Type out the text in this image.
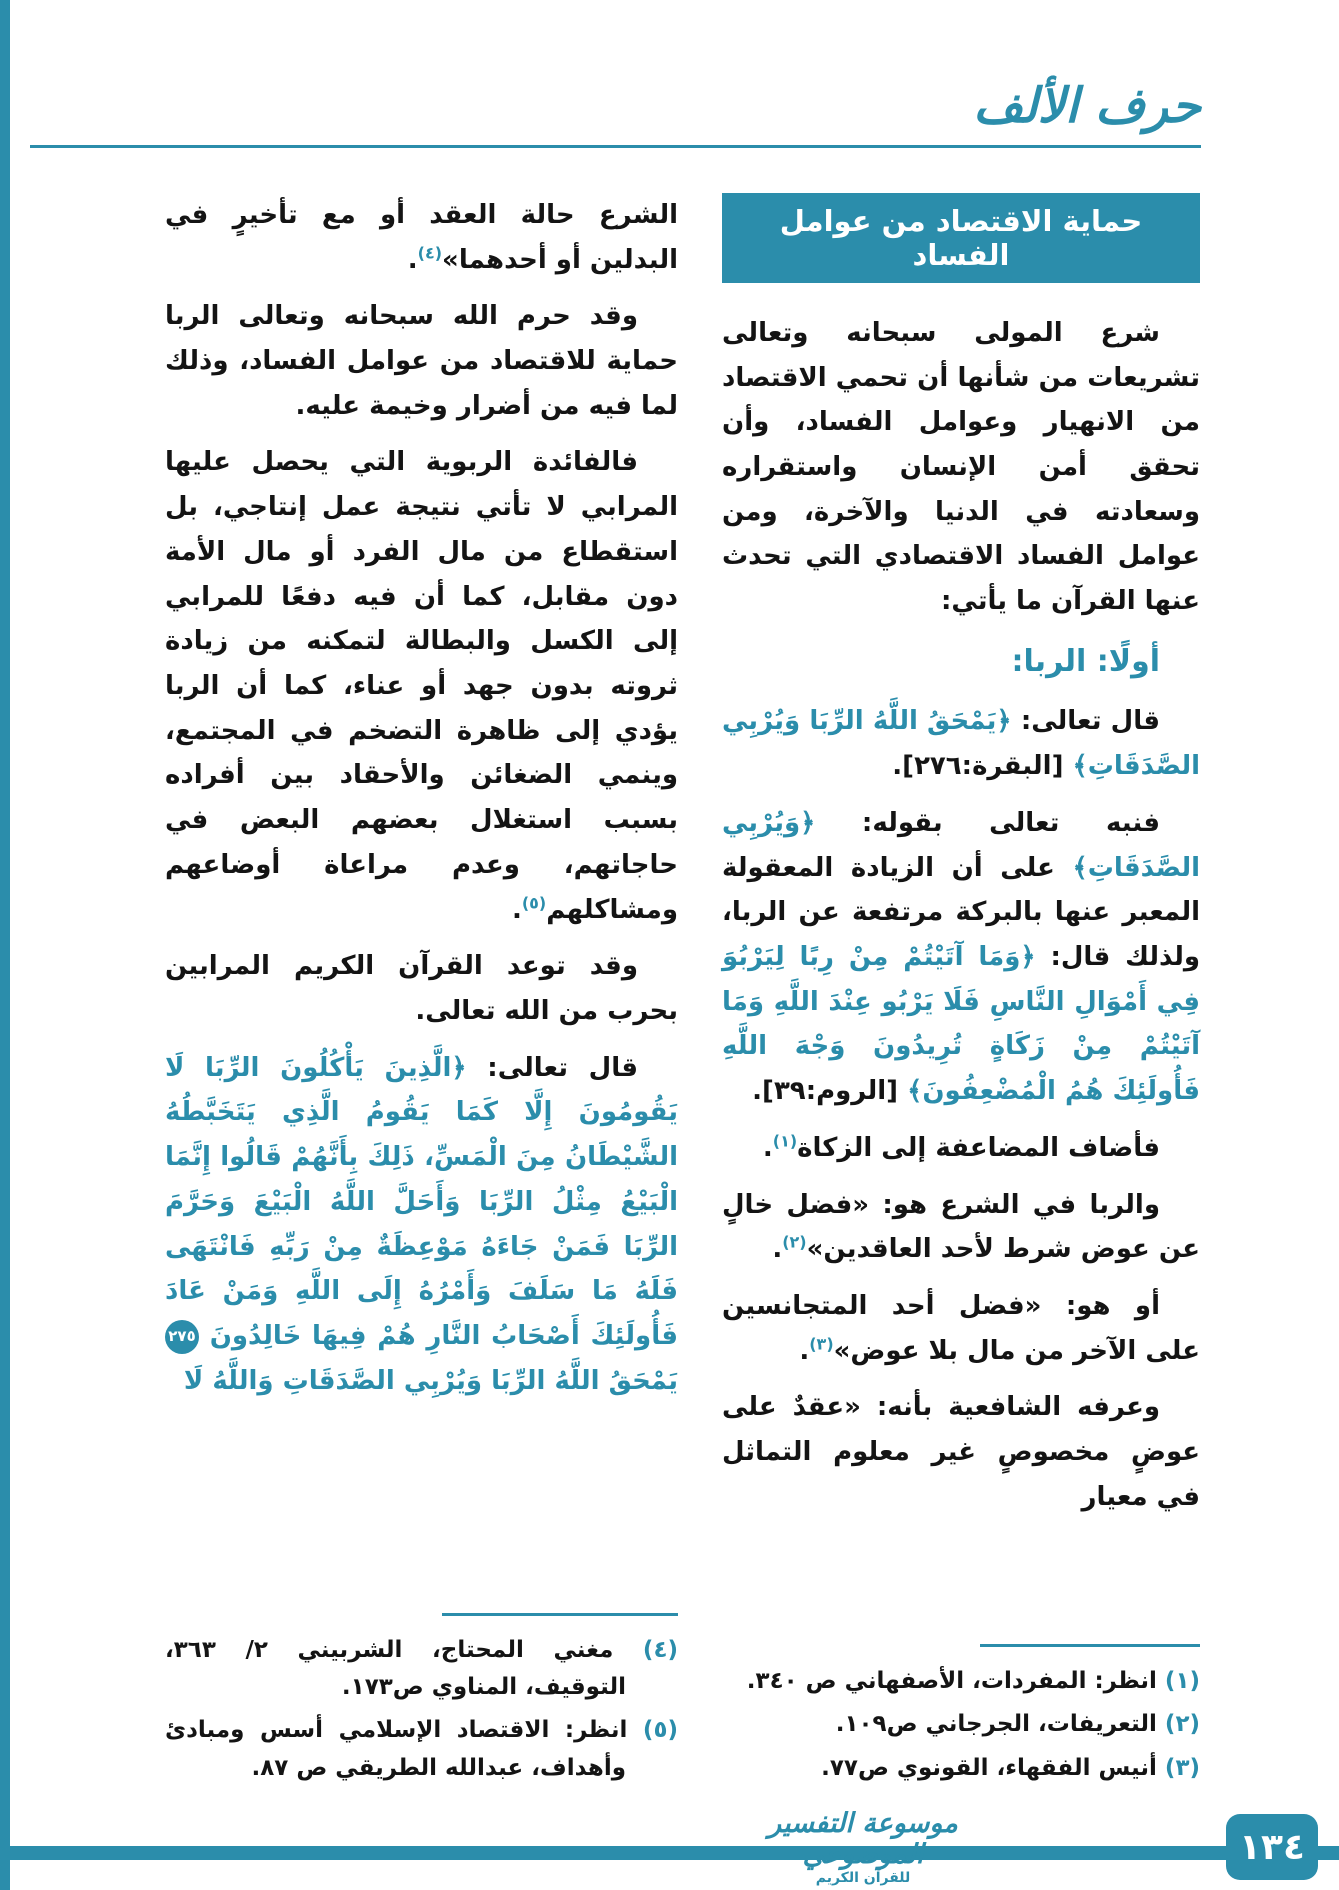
حرف الألف
حماية الاقتصاد من عوامل الفساد

شرع المولى سبحانه وتعالى تشريعات من شأنها أن تحمي الاقتصاد من الانهيار وعوامل الفساد، وأن تحقق أمن الإنسان واستقراره وسعادته في الدنيا والآخرة، ومن عوامل الفساد الاقتصادي التي تحدث عنها القرآن ما يأتي:

أولًا: الربا:

قال تعالى: ﴿يَمْحَقُ اللَّهُ الرِّبَا وَيُرْبِي الصَّدَقَاتِ﴾ [البقرة:٢٧٦].

فنبه تعالى بقوله: ﴿وَيُرْبِي الصَّدَقَاتِ﴾ على أن الزيادة المعقولة المعبر عنها بالبركة مرتفعة عن الربا، ولذلك قال: ﴿وَمَا آتَيْتُمْ مِنْ رِبًا لِيَرْبُوَ فِي أَمْوَالِ النَّاسِ فَلَا يَرْبُو عِنْدَ اللَّهِ وَمَا آتَيْتُمْ مِنْ زَكَاةٍ تُرِيدُونَ وَجْهَ اللَّهِ فَأُولَئِكَ هُمُ الْمُضْعِفُونَ﴾ [الروم:٣٩].

فأضاف المضاعفة إلى الزكاة$^{(١)}$.

والربا في الشرع هو: «فضل خالٍ عن عوض شرط لأحد العاقدين»$^{(٢)}$.

أو هو: «فضل أحد المتجانسين على الآخر من مال بلا عوض»$^{(٣)}$.

وعرفه الشافعية بأنه: «عقدٌ على عوضٍ مخصوصٍ غير معلوم التماثل في معيار

(١) انظر: المفردات، الأصفهاني ص ٣٤٠.
(٢) التعريفات، الجرجاني ص١٠٩.
(٣) أنيس الفقهاء، القونوي ص٧٧.

الشرع حالة العقد أو مع تأخيرٍ في البدلين أو أحدهما»$^{(٤)}$.

وقد حرم الله سبحانه وتعالى الربا حماية للاقتصاد من عوامل الفساد، وذلك لما فيه من أضرار وخيمة عليه.

فالفائدة الربوية التي يحصل عليها المرابي لا تأتي نتيجة عمل إنتاجي، بل استقطاع من مال الفرد أو مال الأمة دون مقابل، كما أن فيه دفعًا للمرابي إلى الكسل والبطالة لتمكنه من زيادة ثروته بدون جهد أو عناء، كما أن الربا يؤدي إلى ظاهرة التضخم في المجتمع، وينمي الضغائن والأحقاد بين أفراده بسبب استغلال بعضهم البعض في حاجاتهم، وعدم مراعاة أوضاعهم ومشاكلهم$^{(٥)}$.

وقد توعد القرآن الكريم المرابين بحرب من الله تعالى.

قال تعالى: ﴿الَّذِينَ يَأْكُلُونَ الرِّبَا لَا يَقُومُونَ إِلَّا كَمَا يَقُومُ الَّذِي يَتَخَبَّطُهُ الشَّيْطَانُ مِنَ الْمَسِّ، ذَلِكَ بِأَنَّهُمْ قَالُوا إِنَّمَا الْبَيْعُ مِثْلُ الرِّبَا وَأَحَلَّ اللَّهُ الْبَيْعَ وَحَرَّمَ الرِّبَا فَمَنْ جَاءَهُ مَوْعِظَةٌ مِنْ رَبِّهِ فَانْتَهَى فَلَهُ مَا سَلَفَ وَأَمْرُهُ إِلَى اللَّهِ وَمَنْ عَادَ فَأُولَئِكَ أَصْحَابُ النَّارِ هُمْ فِيهَا خَالِدُونَ ٢٧٥ يَمْحَقُ اللَّهُ الرِّبَا وَيُرْبِي الصَّدَقَاتِ وَاللَّهُ لَا

(٤) مغني المحتاج، الشربيني ٢/ ٣٦٣، التوقيف، المناوي ص١٧٣.
(٥) انظر: الاقتصاد الإسلامي أسس ومبادئ وأهداف، عبدالله الطريقي ص ٨٧.
موسوعة التفسير الموضوعي
للقرآن الكريم
١٣٤
